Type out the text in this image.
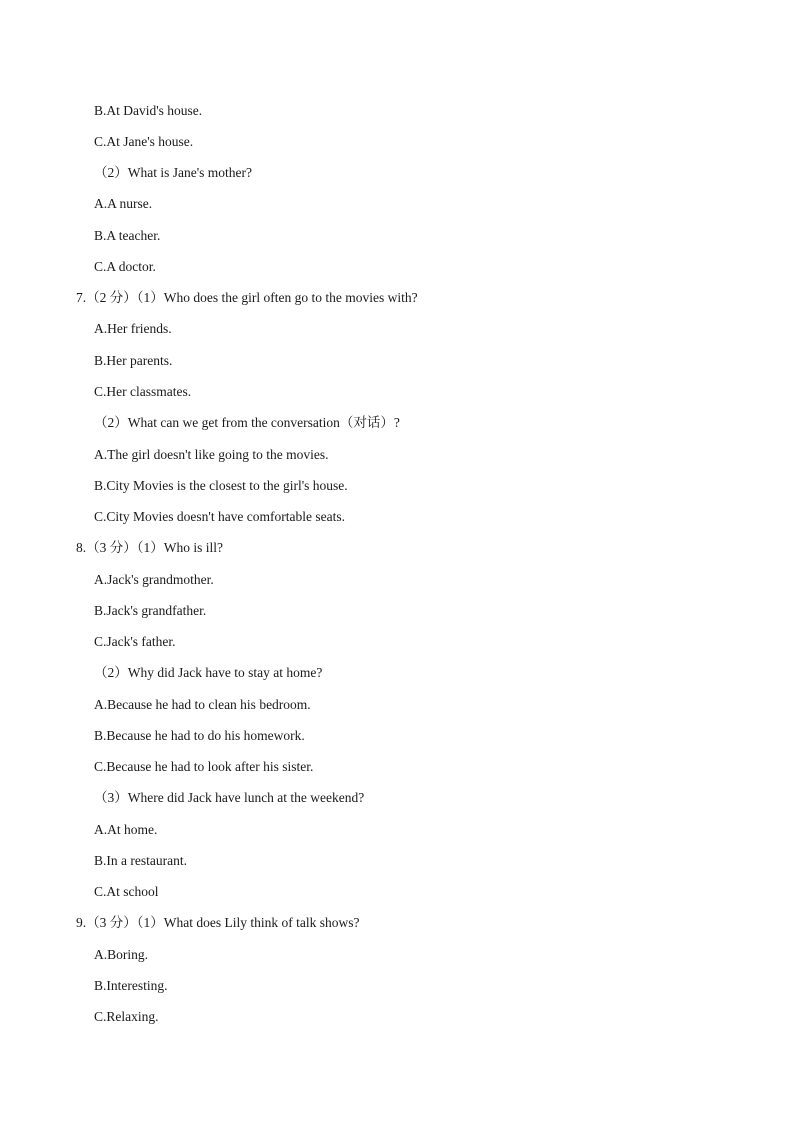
B.At David's house.
C.At Jane's house.
（2）What is Jane's mother?
A.A nurse.
B.A teacher.
C.A doctor.
7.（2 分）（1）Who does the girl often go to the movies with?
A.Her friends.
B.Her parents.
C.Her classmates.
（2）What can we get from the conversation（对话）?
A.The girl doesn't like going to the movies.
B.City Movies is the closest to the girl's house.
C.City Movies doesn't have comfortable seats.
8.（3 分）（1）Who is ill?
A.Jack's grandmother.
B.Jack's grandfather.
C.Jack's father.
（2）Why did Jack have to stay at home?
A.Because he had to clean his bedroom.
B.Because he had to do his homework.
C.Because he had to look after his sister.
（3）Where did Jack have lunch at the weekend?
A.At home.
B.In a restaurant.
C.At school
9.（3 分）（1）What does Lily think of talk shows?
A.Boring.
B.Interesting.
C.Relaxing.
